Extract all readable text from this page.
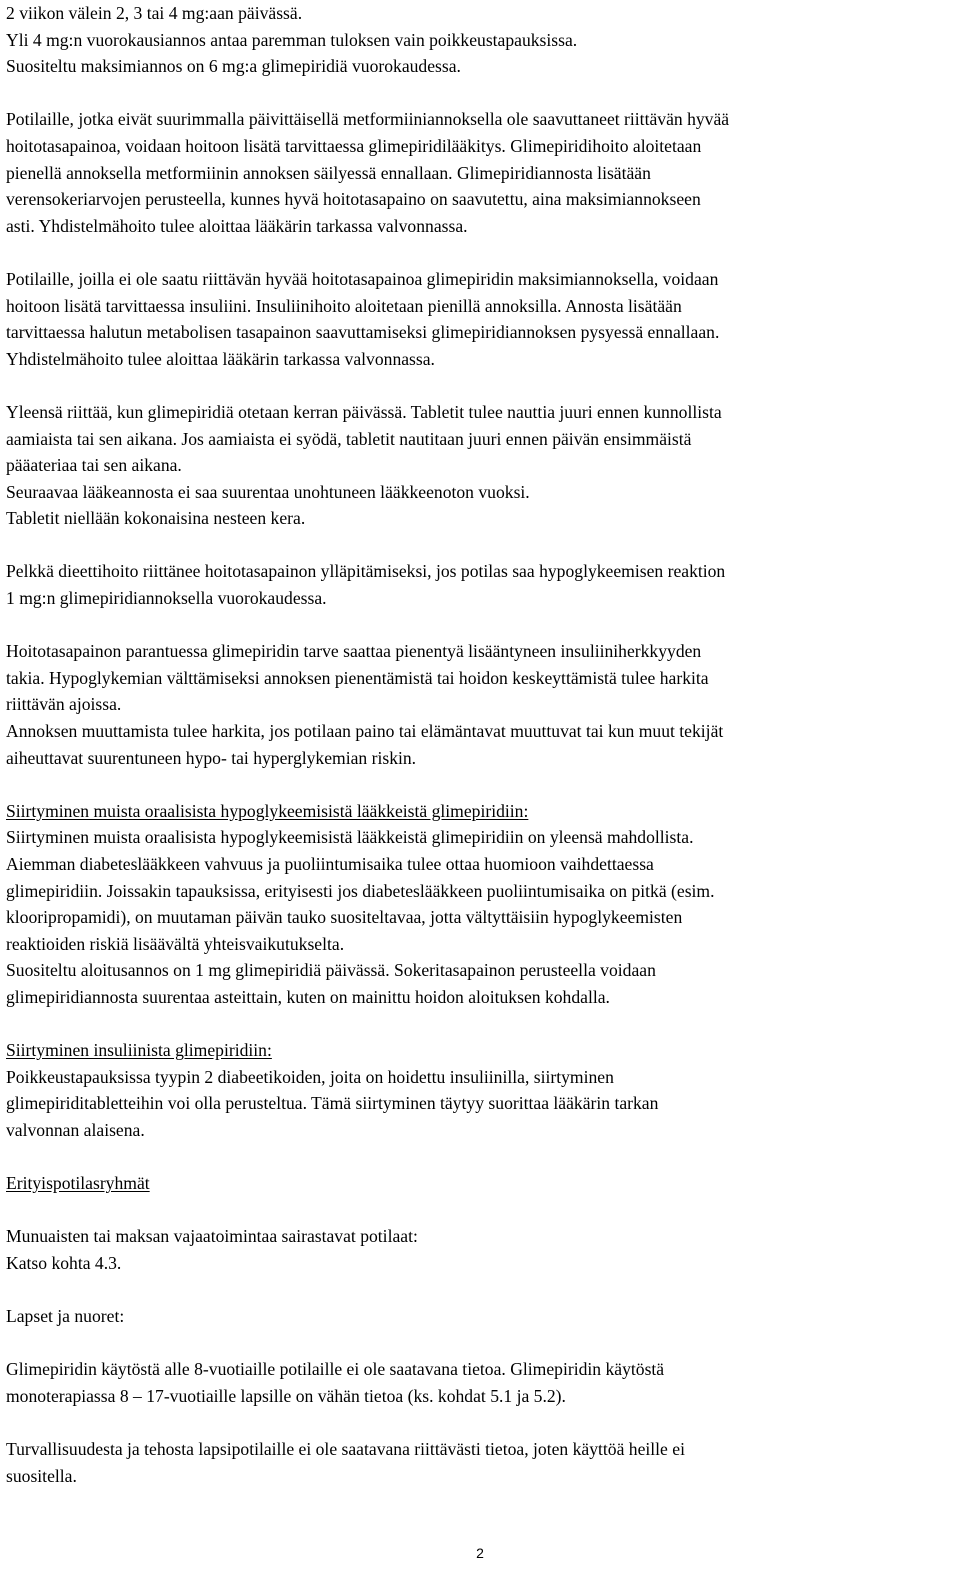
2 viikon välein 2, 3 tai 4 mg:aan päivässä.
Yli 4 mg:n vuorokausiannos antaa paremman tuloksen vain poikkeustapauksissa.
Suositeltu maksimiannos on 6 mg:a glimepiridiä vuorokaudessa.
Potilaille, jotka eivät suurimmalla päivittäisellä metformiiniannoksella ole saavuttaneet riittävän hyvää
hoitotasapainoa, voidaan hoitoon lisätä tarvittaessa glimepiridilääkitys. Glimepiridihoito aloitetaan
pienellä annoksella metformiinin annoksen säilyessä ennallaan. Glimepiridiannosta lisätään
verensokeriarvojen perusteella, kunnes hyvä hoitotasapaino on saavutettu, aina maksimiannokseen
asti. Yhdistelmähoito tulee aloittaa lääkärin tarkassa valvonnassa.
Potilaille, joilla ei ole saatu riittävän hyvää hoitotasapainoa glimepiridin maksimiannoksella, voidaan
hoitoon lisätä tarvittaessa insuliini. Insuliinihoito aloitetaan pienillä annoksilla. Annosta lisätään
tarvittaessa halutun metabolisen tasapainon saavuttamiseksi glimepiridiannoksen pysyessä ennallaan.
Yhdistelmähoito tulee aloittaa lääkärin tarkassa valvonnassa.
Yleensä riittää, kun glimepiridiä otetaan kerran päivässä. Tabletit tulee nauttia juuri ennen kunnollista
aamiaista tai sen aikana. Jos aamiaista ei syödä, tabletit nautitaan juuri ennen päivän ensimmäistä
pääateriaa tai sen aikana.
Seuraavaa lääkeannosta ei saa suurentaa unohtuneen lääkkeenoton vuoksi.
Tabletit niellään kokonaisina nesteen kera.
Pelkkä dieettihoito riittänee hoitotasapainon ylläpitämiseksi, jos potilas saa hypoglykeemisen reaktion
1 mg:n glimepiridiannoksella vuorokaudessa.
Hoitotasapainon parantuessa glimepiridin tarve saattaa pienentyä lisääntyneen insuliiniherkkyyden
takia. Hypoglykemian välttämiseksi annoksen pienentämistä tai hoidon keskeyttämistä tulee harkita
riittävän ajoissa.
Annoksen muuttamista tulee harkita, jos potilaan paino tai elämäntavat muuttuvat tai kun muut tekijät
aiheuttavat suurentuneen hypo- tai hyperglykemian riskin.
Siirtyminen muista oraalisista hypoglykeemisistä lääkkeistä glimepiridiin:
Siirtyminen muista oraalisista hypoglykeemisistä lääkkeistä glimepiridiin on yleensä mahdollista.
Aiemman diabeteslääkkeen vahvuus ja puoliintumisaika tulee ottaa huomioon vaihdettaessa
glimepiridiin. Joissakin tapauksissa, erityisesti jos diabeteslääkkeen puoliintumisaika on pitkä (esim.
klooripropamidi), on muutaman päivän tauko suositeltavaa, jotta vältyttäisiin hypoglykeemisten
reaktioiden riskiä lisäävältä yhteisvaikutukselta.
Suositeltu aloitusannos on 1 mg glimepiridiä päivässä. Sokeritasapainon perusteella voidaan
glimepiridiannosta suurentaa asteittain, kuten on mainittu hoidon aloituksen kohdalla.
Siirtyminen insuliinista glimepiridiin:
Poikkeustapauksissa tyypin 2 diabeetikoiden, joita on hoidettu insuliinilla, siirtyminen
glimepiriditabletteihin voi olla perusteltua. Tämä siirtyminen täytyy suorittaa lääkärin tarkan
valvonnan alaisena.
Erityispotilasryhmät
Munuaisten tai maksan vajaatoimintaa sairastavat potilaat:
Katso kohta 4.3.
Lapset ja nuoret:
Glimepiridin käytöstä alle 8-vuotiaille potilaille ei ole saatavana tietoa. Glimepiridin käytöstä
monoterapiassa 8 – 17-vuotiaille lapsille on vähän tietoa (ks. kohdat 5.1 ja 5.2).
Turvallisuudesta ja tehosta lapsipotilaille ei ole saatavana riittävästi tietoa, joten käyttöä heille ei
suositella.
2
